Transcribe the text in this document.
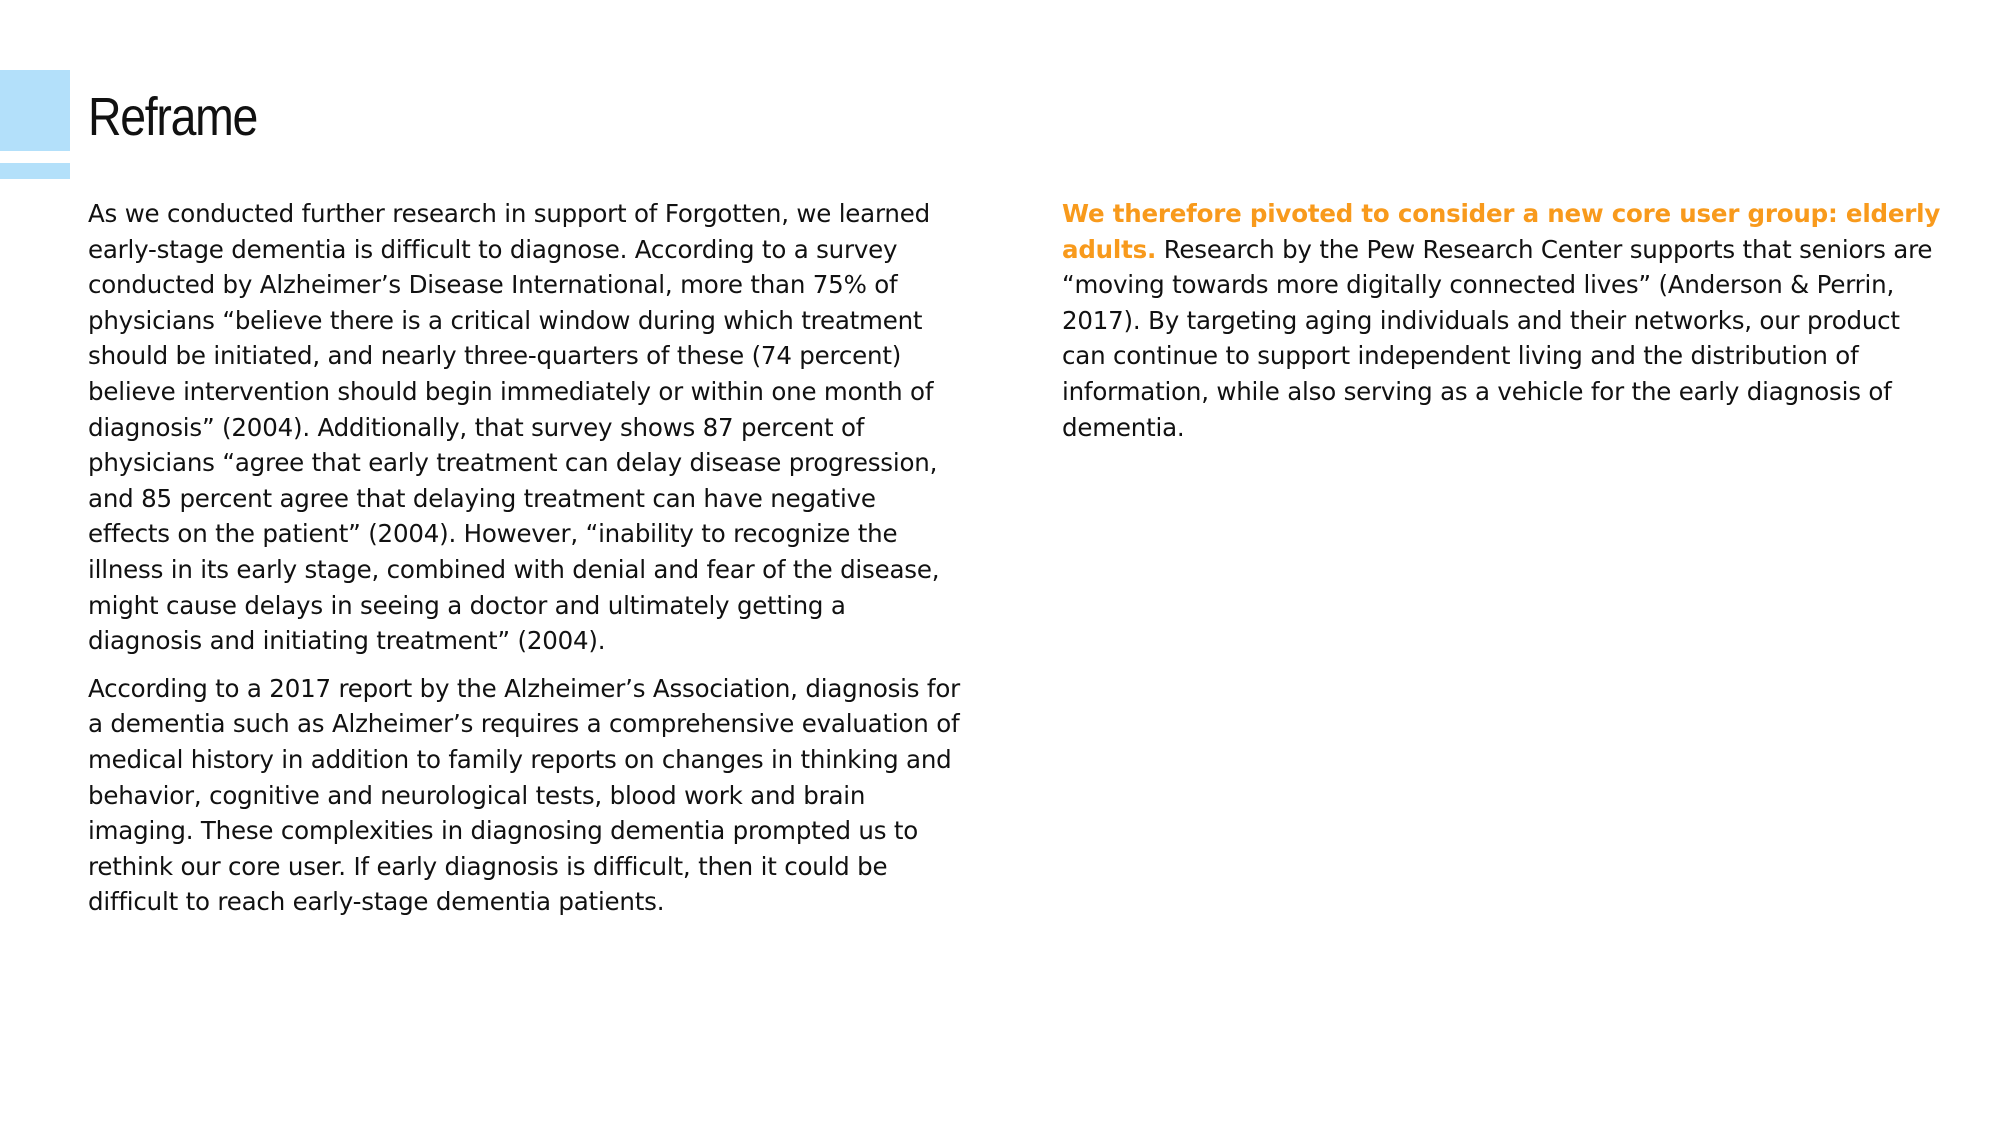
Reframe

As we conducted further research in support of Forgotten, we learned early-stage dementia is difficult to diagnose. According to a survey conducted by Alzheimer’s Disease International, more than 75% of physicians “believe there is a critical window during which treatment should be initiated, and nearly three-quarters of these (74 percent) believe intervention should begin immediately or within one month of diagnosis” (2004). Additionally, that survey shows 87 percent of physicians “agree that early treatment can delay disease progression, and 85 percent agree that delaying treatment can have negative effects on the patient” (2004). However, “inability to recognize the illness in its early stage, combined with denial and fear of the disease, might cause delays in seeing a doctor and ultimately getting a diagnosis and initiating treatment” (2004).

According to a 2017 report by the Alzheimer’s Association, diagnosis for a dementia such as Alzheimer’s requires a comprehensive evaluation of medical history in addition to family reports on changes in thinking and behavior, cognitive and neurological tests, blood work and brain imaging. These complexities in diagnosing dementia prompted us to rethink our core user. If early diagnosis is difficult, then it could be difficult to reach early-stage dementia patients.

We therefore pivoted to consider a new core user group: elderly adults. Research by the Pew Research Center supports that seniors are “moving towards more digitally connected lives” (Anderson & Perrin, 2017). By targeting aging individuals and their networks, our product can continue to support independent living and the distribution of information, while also serving as a vehicle for the early diagnosis of dementia.
